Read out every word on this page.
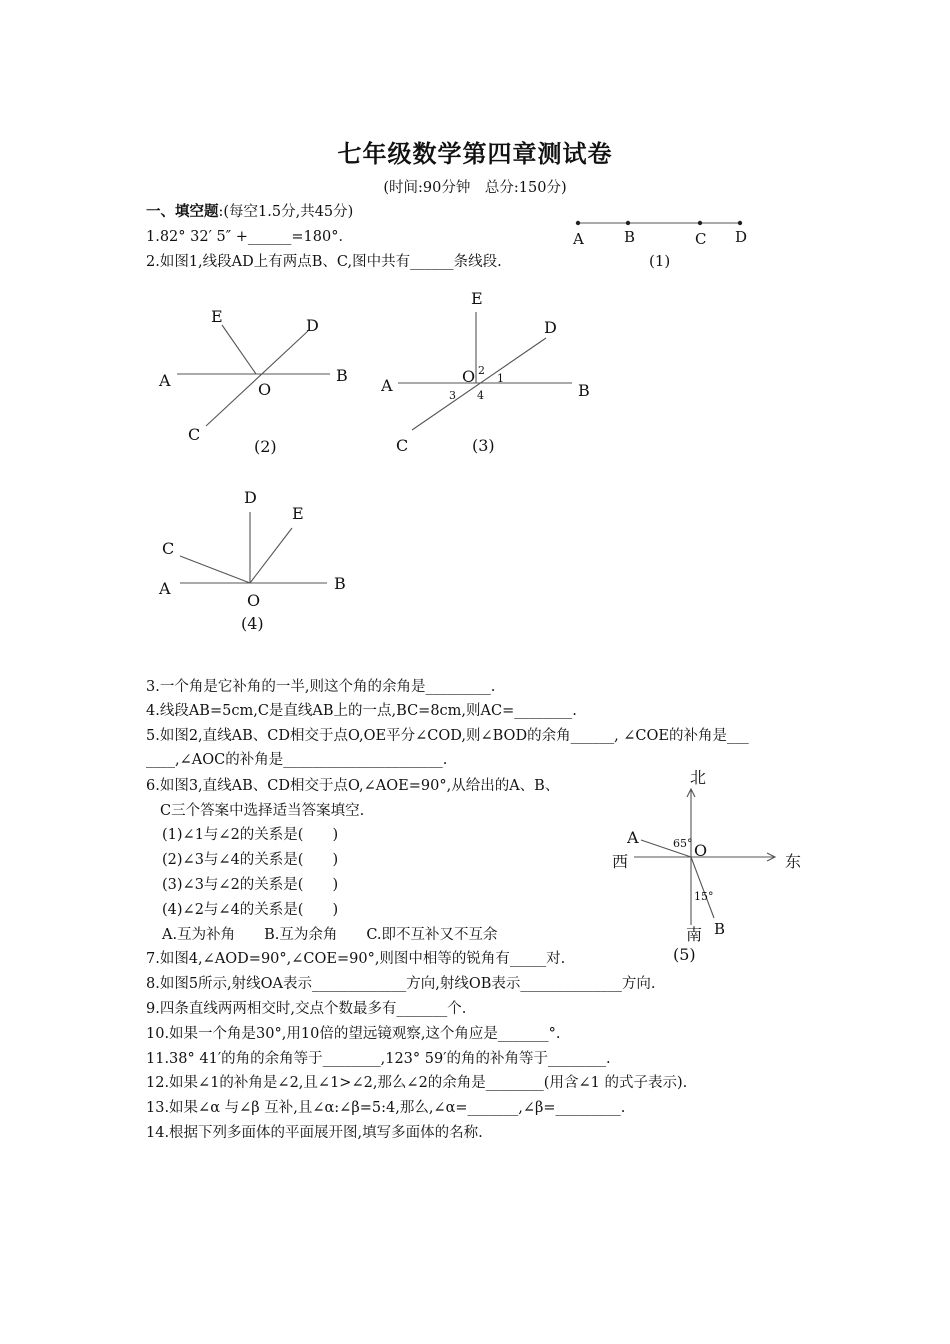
七年级数学第四章测试卷
(时间:90分钟　总分:150分)
一、填空题:(每空1.5分,共45分)
1.82° 32′ 5″ +______=180°．
2.如图1,线段AD上有两点B、C,图中共有______条线段.
3.一个角是它补角的一半,则这个角的余角是_________.
4.线段AB=5cm,C是直线AB上的一点,BC=8cm,则AC=________.
5.如图2,直线AB、CD相交于点O,OE平分∠COD,则∠BOD的余角______, ∠COE的补角是___
____,∠AOC的补角是______________________.
6.如图3,直线AB、CD相交于点O,∠AOE=90°,从给出的A、B、
C三个答案中选择适当答案填空.
(1)∠1与∠2的关系是(　　)
(2)∠3与∠4的关系是(　　)
(3)∠3与∠2的关系是(　　)
(4)∠2与∠4的关系是(　　)
A.互为补角　　B.互为余角　　C.即不互补又不互余
7.如图4,∠AOD=90°,∠COE=90°,则图中相等的锐角有_____对.
8.如图5所示,射线OA表示_____________方向,射线OB表示______________方向.
9.四条直线两两相交时,交点个数最多有_______个.
10.如果一个角是30°,用10倍的望远镜观察,这个角应是_______°.
11.38° 41′的角的余角等于________,123° 59′的角的补角等于________.
12.如果∠1的补角是∠2,且∠1>∠2,那么∠2的余角是________(用含∠1 的式子表示).
13.如果∠α 与∠β 互补,且∠α:∠β=5:4,那么,∠α=_______,∠β=_________.
14.根据下列多面体的平面展开图,填写多面体的名称.
A	B	C D
(1)
E	D
A	B
O
C
(2)
E
D
A	B
O
C
1
2
3 4
(3)
D
E
C
A	B
O
(4)
北
西	东
南
O
A
B
65°
15°
(5)
